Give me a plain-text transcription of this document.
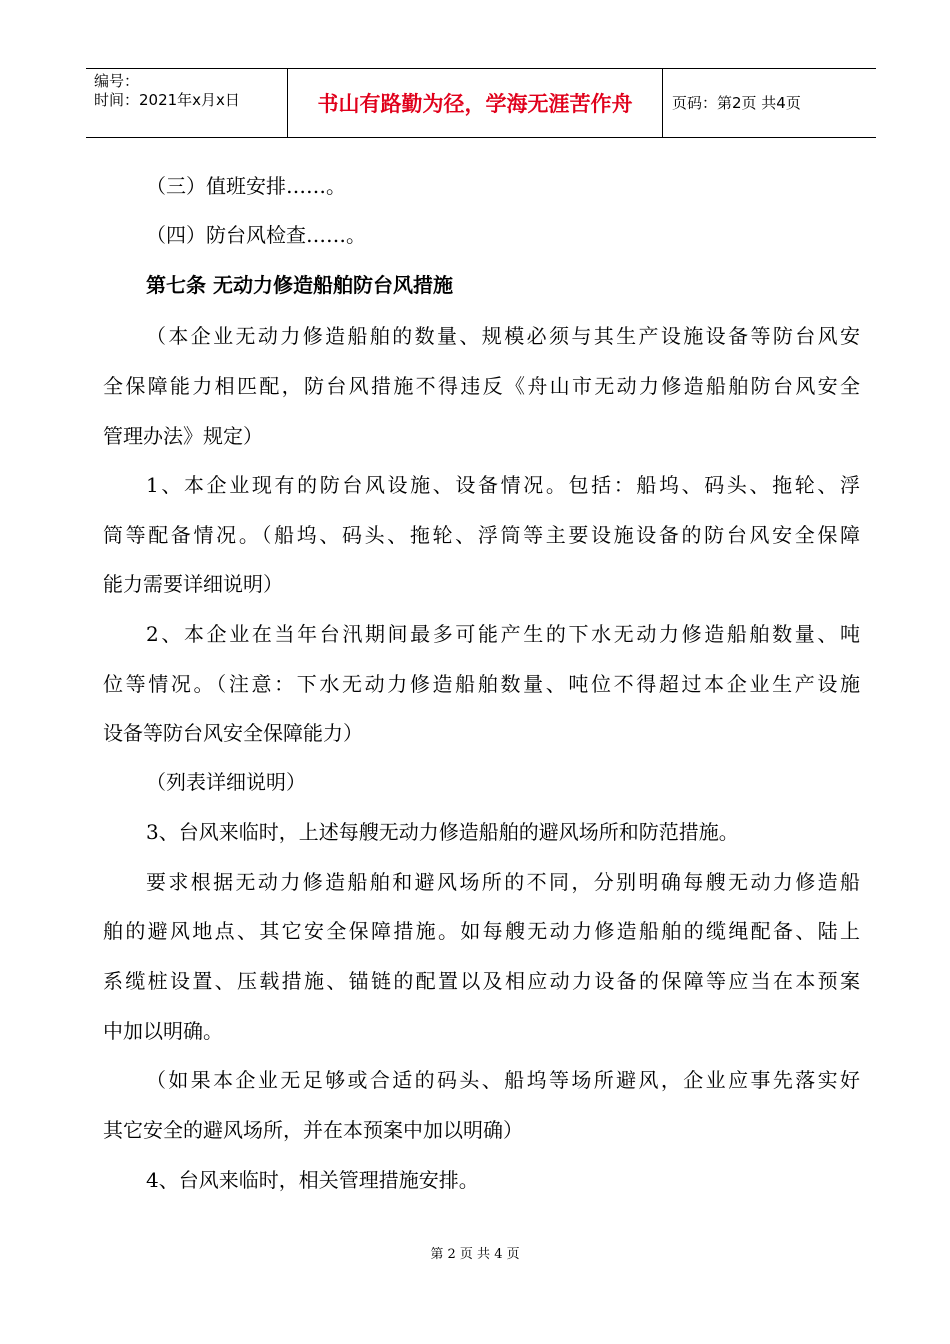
编号：
时间：2021年x月x日	书山有路勤为径，学海无涯苦作舟	页码：第2页 共4页
（三）值班安排……。
（四）防台风检查……。
第七条 无动力修造船舶防台风措施
（本企业无动力修造船舶的数量、规模必须与其生产设施设备等防台风安
全保障能力相匹配，防台风措施不得违反《舟山市无动力修造船舶防台风安全
管理办法》规定）
1、本企业现有的防台风设施、设备情况。包括：船坞、码头、拖轮、浮
筒等配备情况。（船坞、码头、拖轮、浮筒等主要设施设备的防台风安全保障
能力需要详细说明）
2、本企业在当年台汛期间最多可能产生的下水无动力修造船舶数量、吨
位等情况。（注意：下水无动力修造船舶数量、吨位不得超过本企业生产设施
设备等防台风安全保障能力）
（列表详细说明）
3、台风来临时，上述每艘无动力修造船舶的避风场所和防范措施。
要求根据无动力修造船舶和避风场所的不同，分别明确每艘无动力修造船
舶的避风地点、其它安全保障措施。如每艘无动力修造船舶的缆绳配备、陆上
系缆桩设置、压载措施、锚链的配置以及相应动力设备的保障等应当在本预案
中加以明确。
（如果本企业无足够或合适的码头、船坞等场所避风，企业应事先落实好
其它安全的避风场所，并在本预案中加以明确）
4、台风来临时，相关管理措施安排。
第 2 页 共 4 页
